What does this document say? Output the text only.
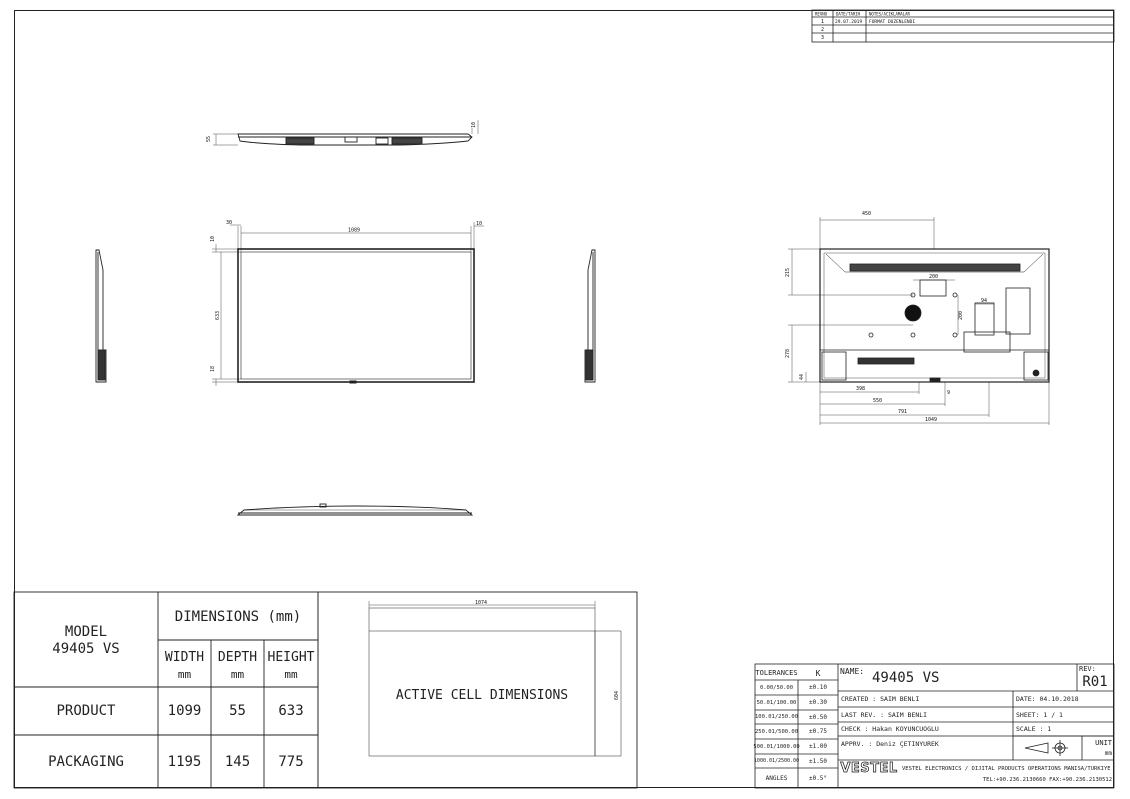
REVNO DATE/TARIH NOTES/ACIKLAMALAR
1 29.07.2019 FORMAT DUZENLENDI
2
3
55
10
30
1089
10
10
633
18
450
200
215
94
200
278
44
398
9
550
791
1049
1074
604
MODEL
49405 VS
DIMENSIONS (mm)
WIDTH
mm
DEPTH
mm
HEIGHT
mm
PRODUCT	1099	55	633
PACKAGING	1195	145	775
ACTIVE CELL DIMENSIONS
TOLERANCES	K
0.00/50.00	±0.10
50.01/100.00	±0.30
100.01/250.00	±0.50
250.01/500.00	±0.75
500.01/1000.00	±1.00
1000.01/2500.00	±1.50
ANGLES	±0.5°
NAME: 49405 VS
REV:
R01
CREATED : SAIM BENLI
LAST REV. : SAIM BENLI
CHECK : Hakan KOYUNCUOGLU
APPRV. : Deniz ÇETINYUREK
DATE: 04.10.2018
SHEET: 1 / 1
SCALE : 1
UNIT
mm
VESTEL VESTEL ELECTRONICS / DIJITAL PRODUCTS OPERATIONS MANISA/TURKIYE
TEL:+90.236.2130660 FAX:+90.236.2130512
